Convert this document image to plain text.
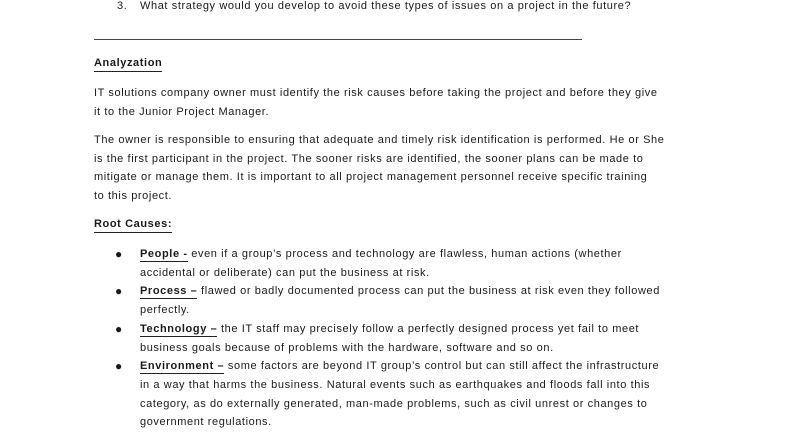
3. What strategy would you develop to avoid these types of issues on a project in the future?
Analyzation
IT solutions company owner must identify the risk causes before taking the project and before they give
it to the Junior Project Manager.
The owner is responsible to ensuring that adequate and timely risk identification is performed. He or She
is the first participant in the project. The sooner risks are identified, the sooner plans can be made to
mitigate or manage them. It is important to all project management personnel receive specific training
to this project.
Root Causes:
● People - even if a group’s process and technology are flawless, human actions (whether
accidental or deliberate) can put the business at risk.
● Process – flawed or badly documented process can put the business at risk even they followed
perfectly.
● Technology – the IT staff may precisely follow a perfectly designed process yet fail to meet
business goals because of problems with the hardware, software and so on.
● Environment – some factors are beyond IT group’s control but can still affect the infrastructure
in a way that harms the business. Natural events such as earthquakes and floods fall into this
category, as do externally generated, man-made problems, such as civil unrest or changes to
government regulations.
